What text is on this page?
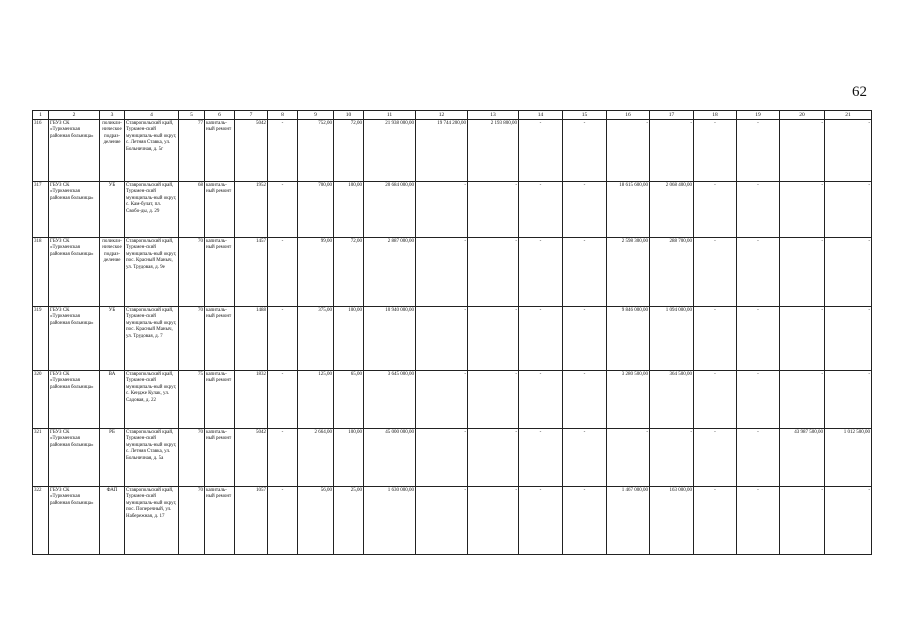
62
1	2	3	4	5	6	7	8	9	10	11	12	13	14	15	16	17	18	19	20	21
316	ГБУЗ СК «Туркменская районная больница»	поликли-ническое подраз-деление	Ставропольский край, Туркмен-ский муниципаль-ный округ, с. Летняя Ставка, ул. Больничная, д. 5г	77	капиталь-ный ремонт	5042	-	752,00	72,00	21 938 000,00	19 744 200,00	2 193 800,00	-	-	-	-	-	-	-	-
317	ГБУЗ СК «Туркменская районная больница»	УБ	Ставропольский край, Туркмен-ский муниципаль-ный округ, с. Кам-булат, пл. Свобо-ды, д. 29	68	капиталь-ный ремонт	1952	-	700,00	100,00	20 684 000,00	-	-	-	-	18 615 600,00	2 068 400,00	-	-	-	-
318	ГБУЗ СК «Туркменская районная больница»	поликли-ническое подраз-деление	Ставропольский край, Туркмен-ский муниципаль-ный округ, пос. Красный Маныч, ул. Трудовая, д. 9е	70	капиталь-ный ремонт	1457	-	99,00	72,00	2 887 000,00	-	-	-	-	2 598 300,00	288 700,00	-	-	-	-
319	ГБУЗ СК «Туркменская районная больница»	УБ	Ставропольский край, Туркмен-ский муниципаль-ный округ, пос. Красный Маныч, ул. Трудовая, д. 7	70	капиталь-ный ремонт	1488	-	375,00	100,00	10 940 000,00	-	-	-	-	9 846 000,00	1 094 000,00	-	-	-	-
320	ГБУЗ СК «Туркменская районная больница»	ВА	Ставропольский край, Туркмен-ский муниципаль-ный округ, с. Кендже Кулак, ул. Садовая, д. 22	75	капиталь-ный ремонт	1832	-	125,00	65,00	3 645 000,00	-	-	-	-	3 280 500,00	364 500,00	-	-	-	-
321	ГБУЗ СК «Туркменская районная больница»	РБ	Ставропольский край, Туркмен-ский муниципаль-ный округ, с. Летняя Ставка, ул. Больничная, д. 5а	70	капиталь-ный ремонт	5042	-	2 664,00	100,00	45 000 000,00	-	-	-	-	-	-	-	-	43 987 500,00	1 012 500,00
322	ГБУЗ СК «Туркменская районная больница»	ФАП	Ставропольский край, Туркмен-ский муниципаль-ный округ, пос. Поперечный, ул. Набережная, д. 17	70	капиталь-ный ремонт	1057	-	56,00	25,00	1 630 000,00	-	-	-	-	1 467 000,00	163 000,00	-	-	-	-
